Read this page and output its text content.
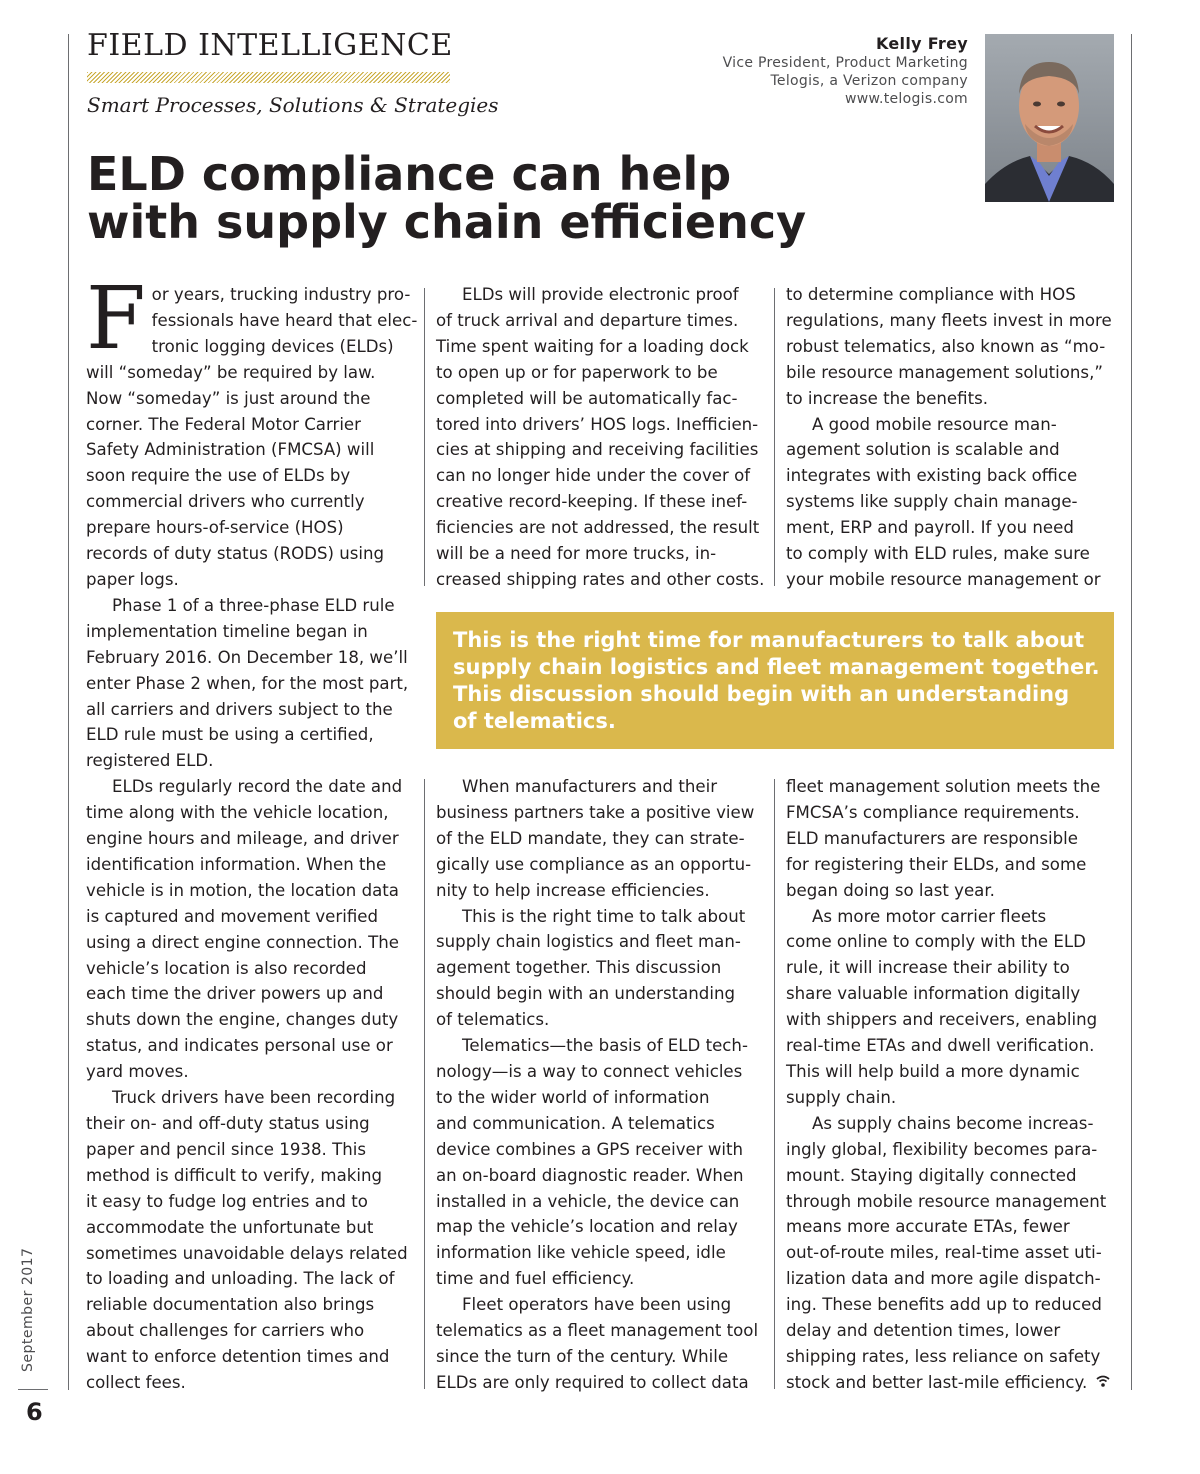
FIELD INTELLIGENCE
Smart Processes, Solutions & Strategies
Kelly Frey
Vice President, Product Marketing
Telogis, a Verizon company
www.telogis.com
ELD compliance can help
with supply chain efficiency

F or years, trucking industry pro-
fessionals have heard that elec-
tronic logging devices (ELDs)
will “someday” be required by law.
Now “someday” is just around the
corner. The Federal Motor Carrier
Safety Administration (FMCSA) will
soon require the use of ELDs by
commercial drivers who currently
prepare hours-of-service (HOS)
records of duty status (RODS) using
paper logs.

Phase 1 of a three-phase ELD rule
implementation timeline began in
February 2016. On December 18, we’ll
enter Phase 2 when, for the most part,
all carriers and drivers subject to the
ELD rule must be using a certified,
registered ELD.

ELDs regularly record the date and
time along with the vehicle location,
engine hours and mileage, and driver
identification information. When the
vehicle is in motion, the location data
is captured and movement verified
using a direct engine connection. The
vehicle’s location is also recorded
each time the driver powers up and
shuts down the engine, changes duty
status, and indicates personal use or
yard moves.

Truck drivers have been recording
their on- and off-duty status using
paper and pencil since 1938. This
method is difficult to verify, making
it easy to fudge log entries and to
accommodate the unfortunate but
sometimes unavoidable delays related
to loading and unloading. The lack of
reliable documentation also brings
about challenges for carriers who
want to enforce detention times and
collect fees.

ELDs will provide electronic proof
of truck arrival and departure times.
Time spent waiting for a loading dock
to open up or for paperwork to be
completed will be automatically fac-
tored into drivers’ HOS logs. Inefficien-
cies at shipping and receiving facilities
can no longer hide under the cover of
creative record-keeping. If these inef-
ficiencies are not addressed, the result
will be a need for more trucks, in-
creased shipping rates and other costs.

to determine compliance with HOS
regulations, many fleets invest in more
robust telematics, also known as “mo-
bile resource management solutions,”
to increase the benefits.

A good mobile resource man-
agement solution is scalable and
integrates with existing back office
systems like supply chain manage-
ment, ERP and payroll. If you need
to comply with ELD rules, make sure
your mobile resource management or

This is the right time for manufacturers to talk about
supply chain logistics and fleet management together.
This discussion should begin with an understanding
of telematics.

When manufacturers and their
business partners take a positive view
of the ELD mandate, they can strate-
gically use compliance as an opportu-
nity to help increase efficiencies.

This is the right time to talk about
supply chain logistics and fleet man-
agement together. This discussion
should begin with an understanding
of telematics.

Telematics—the basis of ELD tech-
nology—is a way to connect vehicles
to the wider world of information
and communication. A telematics
device combines a GPS receiver with
an on-board diagnostic reader. When
installed in a vehicle, the device can
map the vehicle’s location and relay
information like vehicle speed, idle
time and fuel efficiency.

Fleet operators have been using
telematics as a fleet management tool
since the turn of the century. While
ELDs are only required to collect data

fleet management solution meets the
FMCSA’s compliance requirements.
ELD manufacturers are responsible
for registering their ELDs, and some
began doing so last year.

As more motor carrier fleets
come online to comply with the ELD
rule, it will increase their ability to
share valuable information digitally
with shippers and receivers, enabling
real-time ETAs and dwell verification.
This will help build a more dynamic
supply chain.

As supply chains become increas-
ingly global, flexibility becomes para-
mount. Staying digitally connected
through mobile resource management
means more accurate ETAs, fewer
out-of-route miles, real-time asset uti-
lization data and more agile dispatch-
ing. These benefits add up to reduced
delay and detention times, lower
shipping rates, less reliance on safety
stock and better last-mile efficiency.

September 2017
6
